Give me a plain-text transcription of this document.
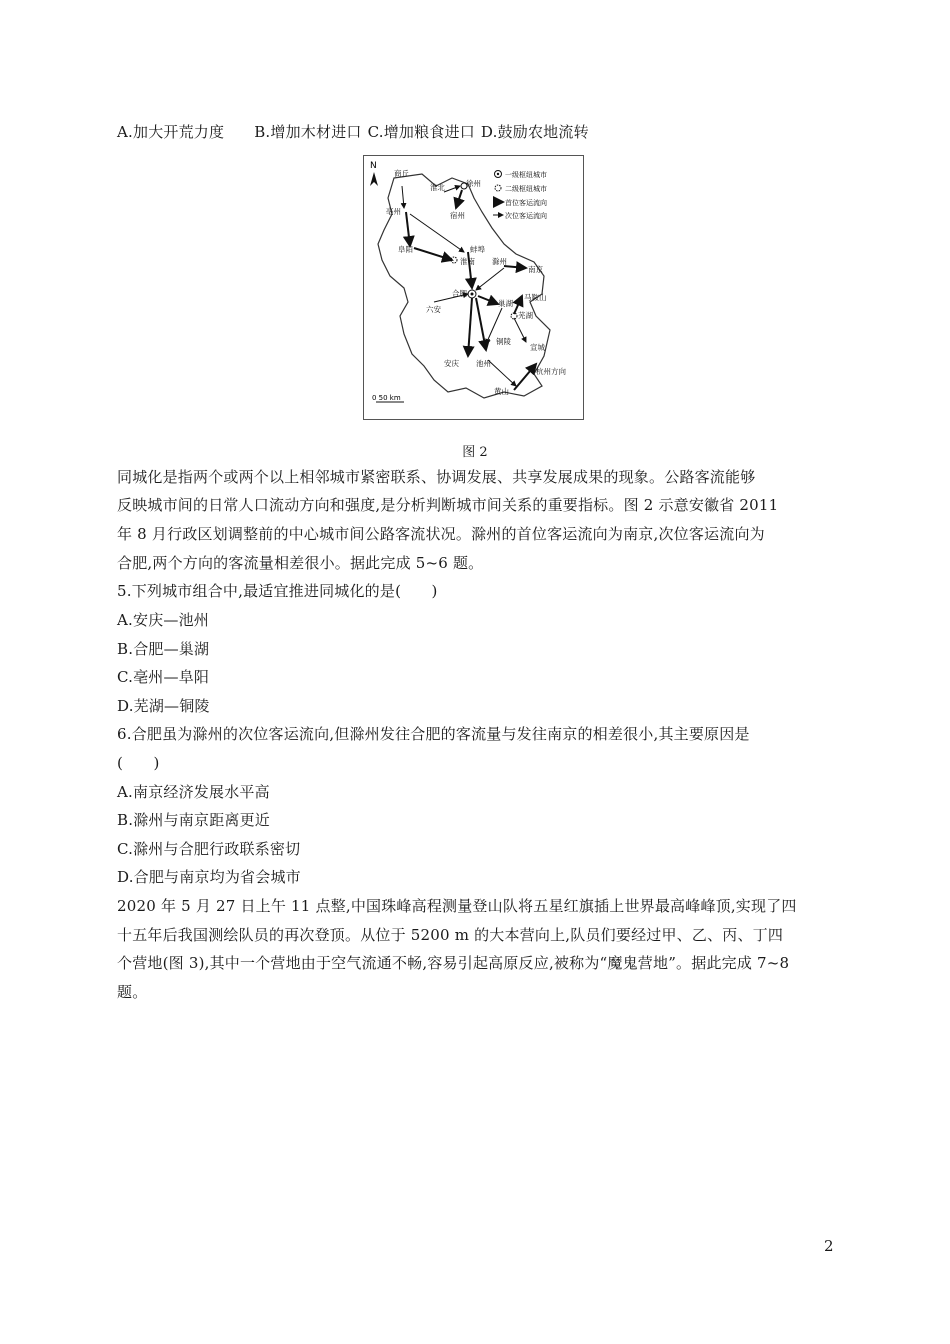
A.加大开荒力度 B.增加木材进口 C.增加粮食进口 D.鼓励农地流转
N
一级枢纽城市
二级枢纽城市
首位客运流向
次位客运流向
商丘
淮北	徐州
宿州
亳州
蚌埠
阜阳
淮南 滁州
南京
合肥
六安
巢湖
马鞍山
芜湖
铜陵
宣城
安庆 池州
黄山
杭州方向
0 50 km
图 2
同城化是指两个或两个以上相邻城市紧密联系、协调发展、共享发展成果的现象。公路客流能够
反映城市间的日常人口流动方向和强度,是分析判断城市间关系的重要指标。图 2 示意安徽省 2011
年 8 月行政区划调整前的中心城市间公路客流状况。滁州的首位客运流向为南京,次位客运流向为
合肥,两个方向的客流量相差很小。据此完成 5~6 题。
5.下列城市组合中,最适宜推进同城化的是(　　)
A.安庆—池州
B.合肥—巢湖
C.亳州—阜阳
D.芜湖—铜陵
6.合肥虽为滁州的次位客运流向,但滁州发往合肥的客流量与发往南京的相差很小,其主要原因是
(　　)
A.南京经济发展水平高
B.滁州与南京距离更近
C.滁州与合肥行政联系密切
D.合肥与南京均为省会城市
2020 年 5 月 27 日上午 11 点整,中国珠峰高程测量登山队将五星红旗插上世界最高峰峰顶,实现了四
十五年后我国测绘队员的再次登顶。从位于 5200 m 的大本营向上,队员们要经过甲、乙、丙、丁四
个营地(图 3),其中一个营地由于空气流通不畅,容易引起高原反应,被称为“魔鬼营地”。据此完成 7~8
题。
2
